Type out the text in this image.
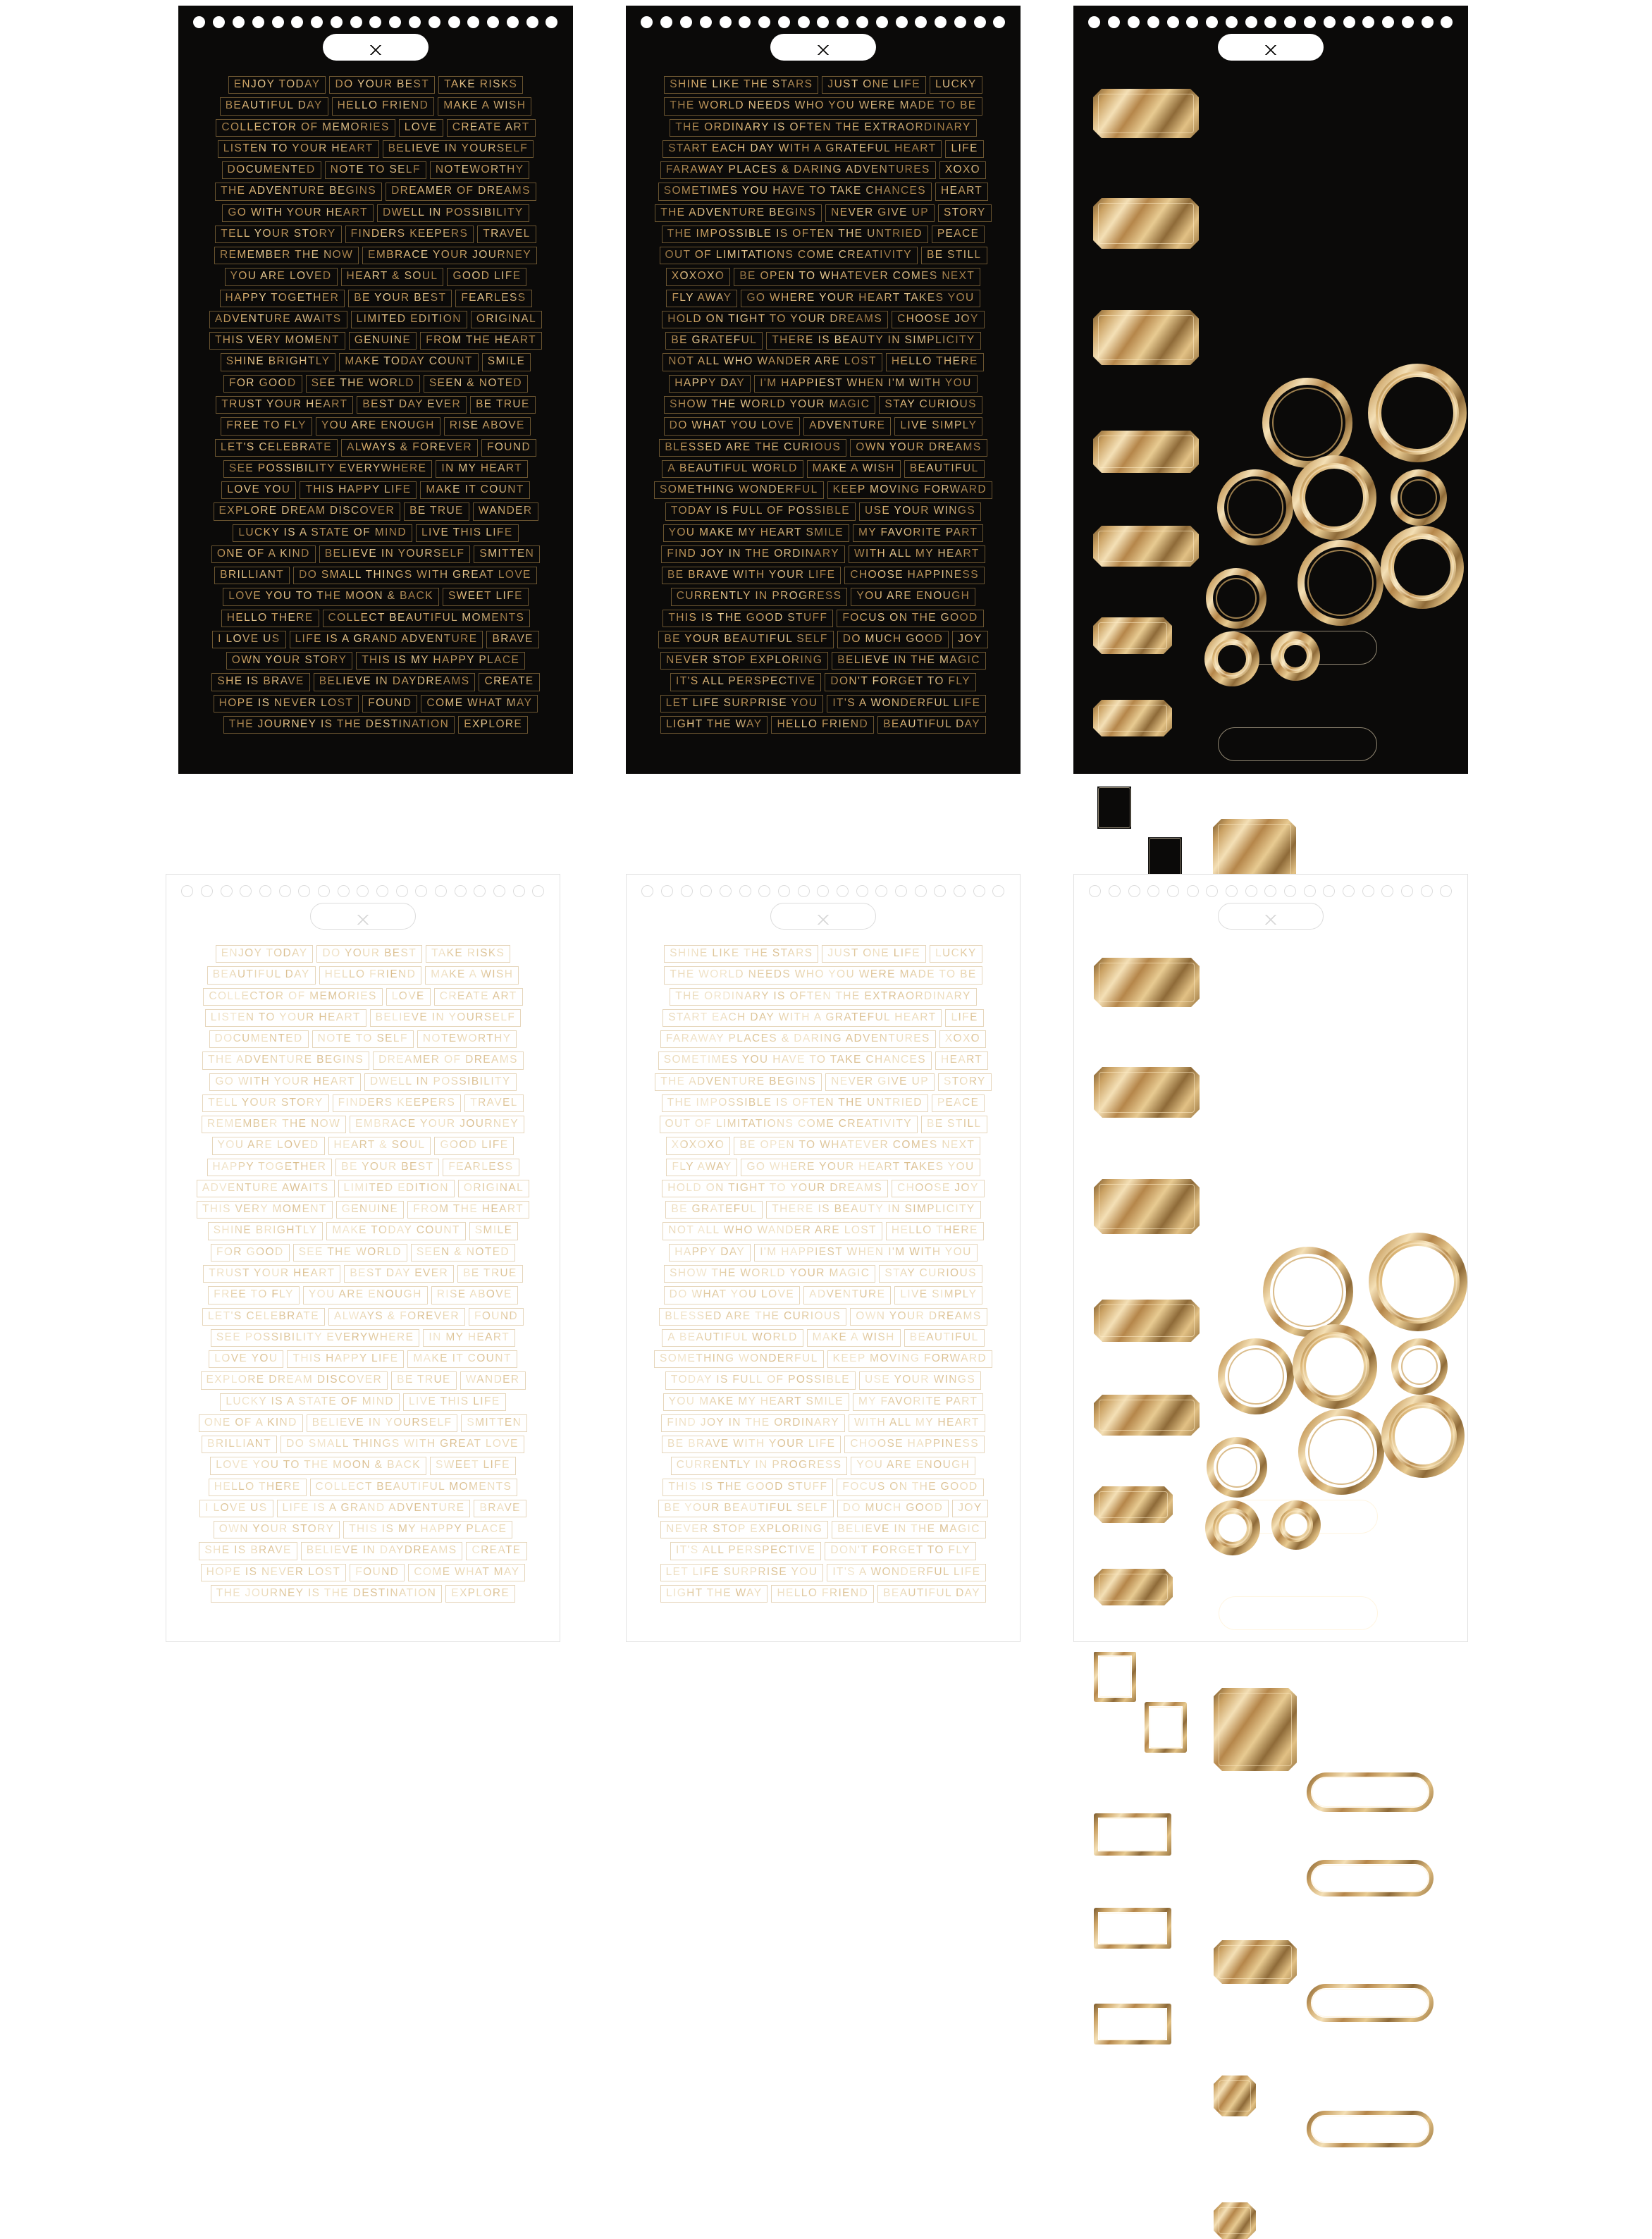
ENJOY TODAY	DO YOUR BEST	TAKE RISKS
BEAUTIFUL DAY	HELLO FRIEND	MAKE A WISH
COLLECTOR OF MEMORIES	LOVE	CREATE ART
LISTEN TO YOUR HEART	BELIEVE IN YOURSELF
DOCUMENTED	NOTE TO SELF	NOTEWORTHY
THE ADVENTURE BEGINS	DREAMER OF DREAMS
GO WITH YOUR HEART	DWELL IN POSSIBILITY
TELL YOUR STORY	FINDERS KEEPERS	TRAVEL
REMEMBER THE NOW	EMBRACE YOUR JOURNEY
YOU ARE LOVED	HEART & SOUL	GOOD LIFE
HAPPY TOGETHER	BE YOUR BEST	FEARLESS
ADVENTURE AWAITS	LIMITED EDITION	ORIGINAL
THIS VERY MOMENT	GENUINE	FROM THE HEART
SHINE BRIGHTLY	MAKE TODAY COUNT	SMILE
FOR GOOD	SEE THE WORLD	SEEN & NOTED
TRUST YOUR HEART	BEST DAY EVER	BE TRUE
FREE TO FLY	YOU ARE ENOUGH	RISE ABOVE
LET'S CELEBRATE	ALWAYS & FOREVER	FOUND
SEE POSSIBILITY EVERYWHERE	IN MY HEART
LOVE YOU	THIS HAPPY LIFE	MAKE IT COUNT
EXPLORE DREAM DISCOVER	BE TRUE	WANDER
LUCKY IS A STATE OF MIND	LIVE THIS LIFE
ONE OF A KIND	BELIEVE IN YOURSELF	SMITTEN
BRILLIANT	DO SMALL THINGS WITH GREAT LOVE
LOVE YOU TO THE MOON & BACK	SWEET LIFE
HELLO THERE	COLLECT BEAUTIFUL MOMENTS
I LOVE US	LIFE IS A GRAND ADVENTURE	BRAVE
OWN YOUR STORY	THIS IS MY HAPPY PLACE
SHE IS BRAVE	BELIEVE IN DAYDREAMS	CREATE
HOPE IS NEVER LOST	FOUND	COME WHAT MAY
THE JOURNEY IS THE DESTINATION	EXPLORE
SHINE LIKE THE STARS	JUST ONE LIFE	LUCKY
THE WORLD NEEDS WHO YOU WERE MADE TO BE
THE ORDINARY IS OFTEN THE EXTRAORDINARY
START EACH DAY WITH A GRATEFUL HEART	LIFE
FARAWAY PLACES & DARING ADVENTURES	XOXO
SOMETIMES YOU HAVE TO TAKE CHANCES	HEART
THE ADVENTURE BEGINS	NEVER GIVE UP	STORY
THE IMPOSSIBLE IS OFTEN THE UNTRIED	PEACE
OUT OF LIMITATIONS COME CREATIVITY	BE STILL
XOXOXO	BE OPEN TO WHATEVER COMES NEXT
FLY AWAY	GO WHERE YOUR HEART TAKES YOU
HOLD ON TIGHT TO YOUR DREAMS	CHOOSE JOY
BE GRATEFUL	THERE IS BEAUTY IN SIMPLICITY
NOT ALL WHO WANDER ARE LOST	HELLO THERE
HAPPY DAY	I'M HAPPIEST WHEN I'M WITH YOU
SHOW THE WORLD YOUR MAGIC	STAY CURIOUS
DO WHAT YOU LOVE	ADVENTURE	LIVE SIMPLY
BLESSED ARE THE CURIOUS	OWN YOUR DREAMS
A BEAUTIFUL WORLD	MAKE A WISH	BEAUTIFUL
SOMETHING WONDERFUL	KEEP MOVING FORWARD
TODAY IS FULL OF POSSIBLE	USE YOUR WINGS
YOU MAKE MY HEART SMILE	MY FAVORITE PART
FIND JOY IN THE ORDINARY	WITH ALL MY HEART
BE BRAVE WITH YOUR LIFE	CHOOSE HAPPINESS
CURRENTLY IN PROGRESS	YOU ARE ENOUGH
THIS IS THE GOOD STUFF	FOCUS ON THE GOOD
BE YOUR BEAUTIFUL SELF	DO MUCH GOOD	JOY
NEVER STOP EXPLORING	BELIEVE IN THE MAGIC
IT'S ALL PERSPECTIVE	DON'T FORGET TO FLY
LET LIFE SURPRISE YOU	IT'S A WONDERFUL LIFE
LIGHT THE WAY	HELLO FRIEND	BEAUTIFUL DAY
ENJOY TODAY	DO YOUR BEST	TAKE RISKS
BEAUTIFUL DAY	HELLO FRIEND	MAKE A WISH
COLLECTOR OF MEMORIES	LOVE	CREATE ART
LISTEN TO YOUR HEART	BELIEVE IN YOURSELF
DOCUMENTED	NOTE TO SELF	NOTEWORTHY
THE ADVENTURE BEGINS	DREAMER OF DREAMS
GO WITH YOUR HEART	DWELL IN POSSIBILITY
TELL YOUR STORY	FINDERS KEEPERS	TRAVEL
REMEMBER THE NOW	EMBRACE YOUR JOURNEY
YOU ARE LOVED	HEART & SOUL	GOOD LIFE
HAPPY TOGETHER	BE YOUR BEST	FEARLESS
ADVENTURE AWAITS	LIMITED EDITION	ORIGINAL
THIS VERY MOMENT	GENUINE	FROM THE HEART
SHINE BRIGHTLY	MAKE TODAY COUNT	SMILE
FOR GOOD	SEE THE WORLD	SEEN & NOTED
TRUST YOUR HEART	BEST DAY EVER	BE TRUE
FREE TO FLY	YOU ARE ENOUGH	RISE ABOVE
LET'S CELEBRATE	ALWAYS & FOREVER	FOUND
SEE POSSIBILITY EVERYWHERE	IN MY HEART
LOVE YOU	THIS HAPPY LIFE	MAKE IT COUNT
EXPLORE DREAM DISCOVER	BE TRUE	WANDER
LUCKY IS A STATE OF MIND	LIVE THIS LIFE
ONE OF A KIND	BELIEVE IN YOURSELF	SMITTEN
BRILLIANT	DO SMALL THINGS WITH GREAT LOVE
LOVE YOU TO THE MOON & BACK	SWEET LIFE
HELLO THERE	COLLECT BEAUTIFUL MOMENTS
I LOVE US	LIFE IS A GRAND ADVENTURE	BRAVE
OWN YOUR STORY	THIS IS MY HAPPY PLACE
SHE IS BRAVE	BELIEVE IN DAYDREAMS	CREATE
HOPE IS NEVER LOST	FOUND	COME WHAT MAY
THE JOURNEY IS THE DESTINATION	EXPLORE
SHINE LIKE THE STARS	JUST ONE LIFE	LUCKY
THE WORLD NEEDS WHO YOU WERE MADE TO BE
THE ORDINARY IS OFTEN THE EXTRAORDINARY
START EACH DAY WITH A GRATEFUL HEART	LIFE
FARAWAY PLACES & DARING ADVENTURES	XOXO
SOMETIMES YOU HAVE TO TAKE CHANCES	HEART
THE ADVENTURE BEGINS	NEVER GIVE UP	STORY
THE IMPOSSIBLE IS OFTEN THE UNTRIED	PEACE
OUT OF LIMITATIONS COME CREATIVITY	BE STILL
XOXOXO	BE OPEN TO WHATEVER COMES NEXT
FLY AWAY	GO WHERE YOUR HEART TAKES YOU
HOLD ON TIGHT TO YOUR DREAMS	CHOOSE JOY
BE GRATEFUL	THERE IS BEAUTY IN SIMPLICITY
NOT ALL WHO WANDER ARE LOST	HELLO THERE
HAPPY DAY	I'M HAPPIEST WHEN I'M WITH YOU
SHOW THE WORLD YOUR MAGIC	STAY CURIOUS
DO WHAT YOU LOVE	ADVENTURE	LIVE SIMPLY
BLESSED ARE THE CURIOUS	OWN YOUR DREAMS
A BEAUTIFUL WORLD	MAKE A WISH	BEAUTIFUL
SOMETHING WONDERFUL	KEEP MOVING FORWARD
TODAY IS FULL OF POSSIBLE	USE YOUR WINGS
YOU MAKE MY HEART SMILE	MY FAVORITE PART
FIND JOY IN THE ORDINARY	WITH ALL MY HEART
BE BRAVE WITH YOUR LIFE	CHOOSE HAPPINESS
CURRENTLY IN PROGRESS	YOU ARE ENOUGH
THIS IS THE GOOD STUFF	FOCUS ON THE GOOD
BE YOUR BEAUTIFUL SELF	DO MUCH GOOD	JOY
NEVER STOP EXPLORING	BELIEVE IN THE MAGIC
IT'S ALL PERSPECTIVE	DON'T FORGET TO FLY
LET LIFE SURPRISE YOU	IT'S A WONDERFUL LIFE
LIGHT THE WAY	HELLO FRIEND	BEAUTIFUL DAY
